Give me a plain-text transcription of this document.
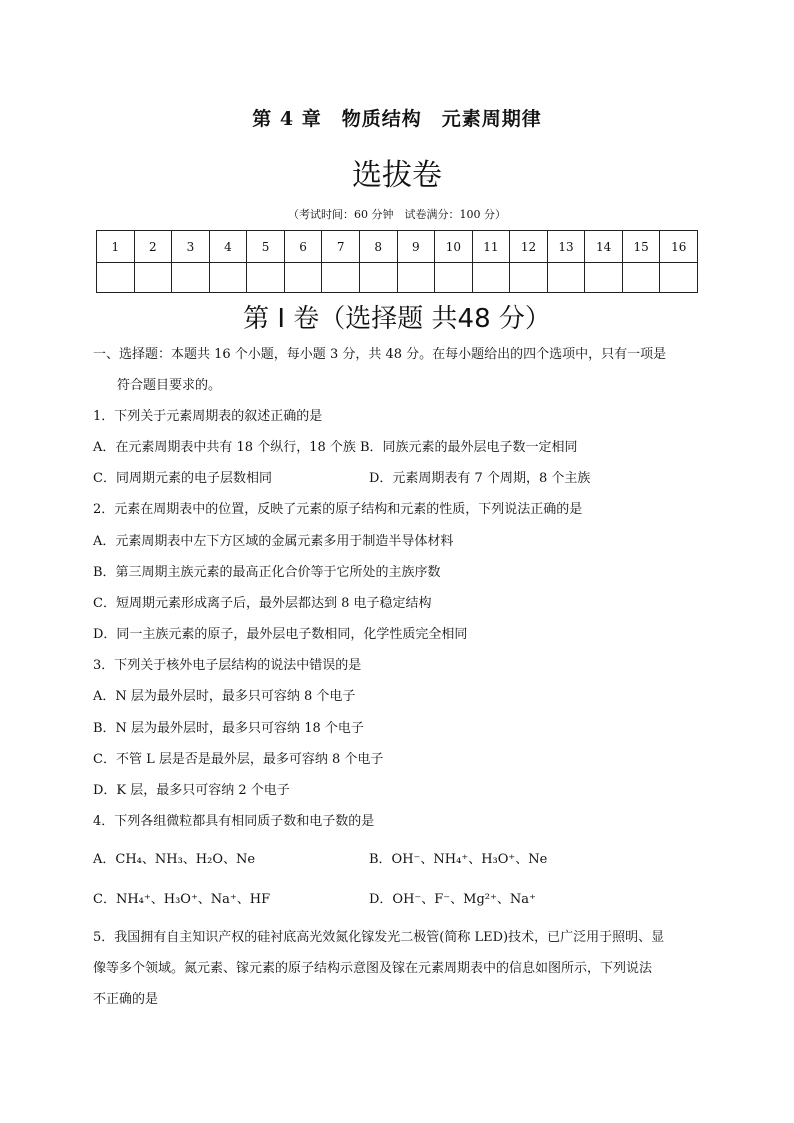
第 4 章　物质结构　元素周期律
选拔卷
（考试时间：60 分钟　试卷满分：100 分）
1	2	3	4	5	6	7	8	9	10	11	12	13	14	15	16

第 I 卷（选择题 共48 分）
一、选择题：本题共 16 个小题，每小题 3 分，共 48 分。在每小题给出的四个选项中，只有一项是
符合题目要求的。
1．下列关于元素周期表的叙述正确的是
A．在元素周期表中共有 18 个纵行，18 个族 B．同族元素的最外层电子数一定相同
C．同周期元素的电子层数相同	D．元素周期表有 7 个周期，8 个主族
2．元素在周期表中的位置，反映了元素的原子结构和元素的性质，下列说法正确的是
A．元素周期表中左下方区域的金属元素多用于制造半导体材料
B．第三周期主族元素的最高正化合价等于它所处的主族序数
C．短周期元素形成离子后，最外层都达到 8 电子稳定结构
D．同一主族元素的原子，最外层电子数相同，化学性质完全相同
3．下列关于核外电子层结构的说法中错误的是
A．N 层为最外层时，最多只可容纳 8 个电子
B．N 层为最外层时，最多只可容纳 18 个电子
C．不管 L 层是否是最外层，最多可容纳 8 个电子
D．K 层，最多只可容纳 2 个电子
4．下列各组微粒都具有相同质子数和电子数的是
A．CH₄、NH₃、H₂O、Ne	B．OH⁻、NH₄⁺、H₃O⁺、Ne
C．NH₄⁺、H₃O⁺、Na⁺、HF	D．OH⁻、F⁻、Mg²⁺、Na⁺
5．我国拥有自主知识产权的硅衬底高光效氮化镓发光二极管(简称 LED)技术，已广泛用于照明、显
像等多个领域。氮元素、镓元素的原子结构示意图及镓在元素周期表中的信息如图所示，下列说法
不正确的是
